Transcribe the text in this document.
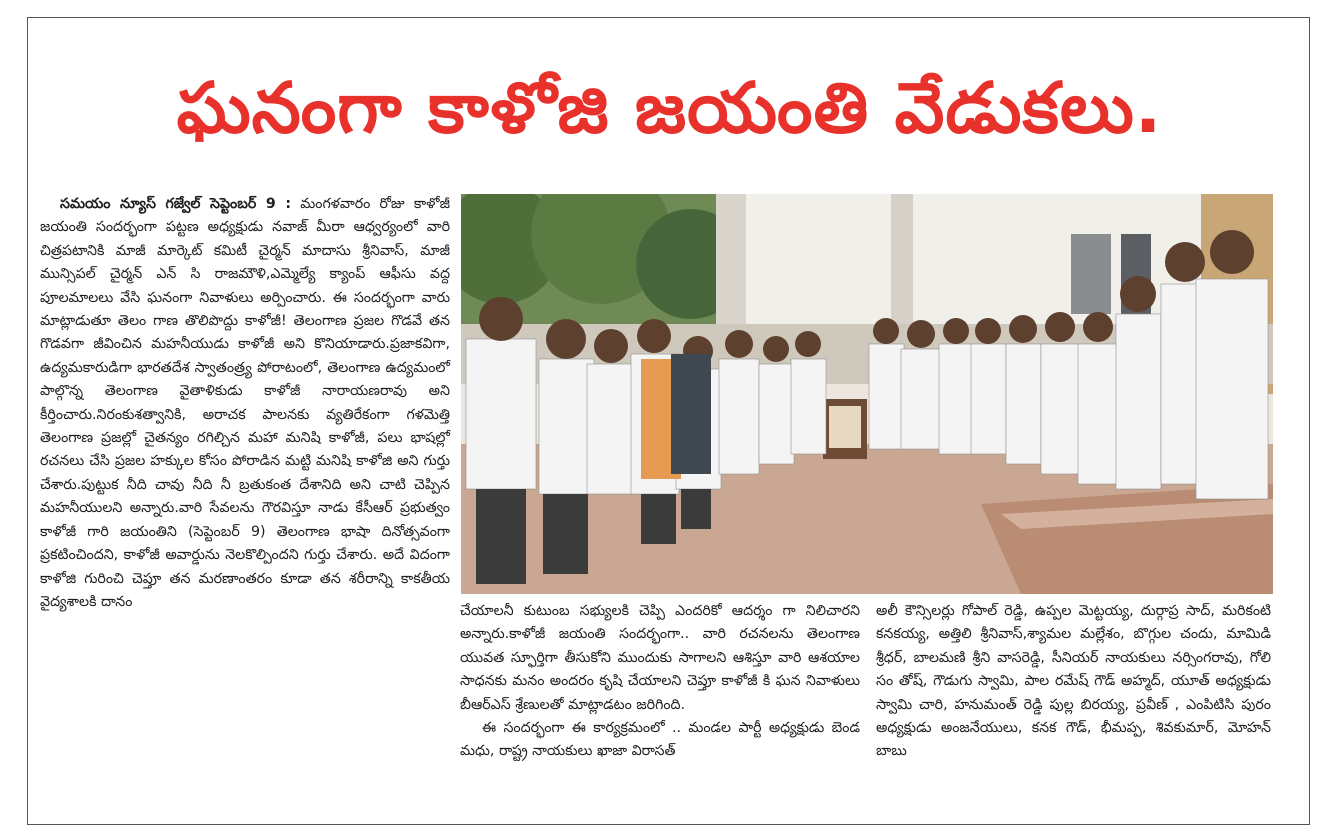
ఘనంగా కాళోజి జయంతి వేడుకలు.

సమయం న్యూస్ గజ్వేల్ సెప్టెంబర్ 9 : మంగళవారం రోజు కాళోజీ జయంతి సందర్భంగా పట్టణ అధ్యక్షుడు నవాజ్ మీరా ఆధ్వర్యంలో వారి చిత్రపటానికి మాజీ మార్కెట్ కమిటీ చైర్మన్ మాదాసు శ్రీనివాస్, మాజీ మున్సిపల్ చైర్మన్ ఎన్ సి రాజమౌళి,ఎమ్మెల్యే క్యాంప్ ఆఫీసు వద్ద పూలమాలలు వేసి ఘనంగా నివాళులు అర్పించారు. ఈ సందర్భంగా వారు మాట్లాడుతూ తెలం గాణ తొలిపొద్దు కాళోజీ! తెలంగాణ ప్రజల గొడవే తన గొడవగా జీవించిన మహనీయుడు కాళోజీ అని కొనియాడారు.ప్రజాకవిగా, ఉద్యమకారుడిగా భారతదేశ స్వాతంత్ర్య పోరాటంలో, తెలంగాణ ఉద్యమంలో పాల్గొన్న తెలంగాణ వైతాళికుడు కాళోజీ నారాయణరావు అని కీర్తించారు.నిరంకుశత్వానికి, అరాచక పాలనకు వ్యతిరేకంగా గళమెత్తి తెలంగాణ ప్రజల్లో చైతన్యం రగిల్చిన మహా మనిషి కాళోజీ, పలు భాషల్లో రచనలు చేసి ప్రజల హక్కుల కోసం పోరాడిన మట్టి మనిషి కాళోజి అని గుర్తు చేశారు.పుట్టుక నీది చావు నీది నీ బ్రతుకంత దేశానిది అని చాటి చెప్పిన మహనీయులని అన్నారు.వారి సేవలను గౌరవిస్తూ నాడు కేసీఆర్ ప్రభుత్వం కాళోజీ గారి జయంతిని (సెప్టెంబర్ 9) తెలంగాణ భాషా దినోత్సవంగా ప్రకటించిందని, కాళోజీ అవార్డును నెలకొల్పిందని గుర్తు చేశారు. అదే విదంగా కాళోజి గురించి చెప్తూ తన మరణాంతరం కూడా తన శరీరాన్ని కాకతీయ వైద్యశాలకి దానం

చేయాలనీ కుటుంబ సభ్యులకి చెప్పి ఎందరికో ఆదర్శం గా నిలిచారని అన్నారు.కాళోజీ జయంతి సందర్భంగా.. వారి రచనలను తెలంగాణ యువత స్ఫూర్తిగా తీసుకోని ముందుకు సాగాలని ఆశిస్తూ వారి ఆశయాల సాధనకు మనం అందరం కృషి చేయాలని చెప్తూ కాళోజీ కి ఘన నివాళులు బీఆర్ఎస్ శ్రేణులతో మాట్లాడటం జరిగింది.

ఈ సందర్భంగా ఈ కార్యక్రమంలో .. మండల పార్టీ అధ్యక్షుడు బెండ మధు, రాష్ట్ర నాయకులు ఖాజా విరాసత్

అలీ కౌన్సిలర్లు గోపాల్ రెడ్డి, ఉప్పల మెట్టయ్య, దుర్గాప్ర సాద్, మరికంటి కనకయ్య, అత్తిలి శ్రీనివాస్,శ్యామల మల్లేశం, బొగ్గుల చందు, మామిడి శ్రీధర్, బాలమణి శ్రీని వాసరెడ్డి, సీనియర్ నాయకులు నర్సింగరావు, గోలి సం తోష్, గౌడుగు స్వామి, పాల రమేష్ గౌడ్ అహ్మద్, యూత్ అధ్యక్షుడు స్వామి చారి, హనుమంత్ రెడ్డి పుల్ల బిరయ్య, ప్రవీణ్ , ఎంపిటిసి పురం అధ్యక్షుడు అంజనేయులు, కనక గౌడ్, భీమప్ప, శివకుమార్, మోహన్ బాబు
